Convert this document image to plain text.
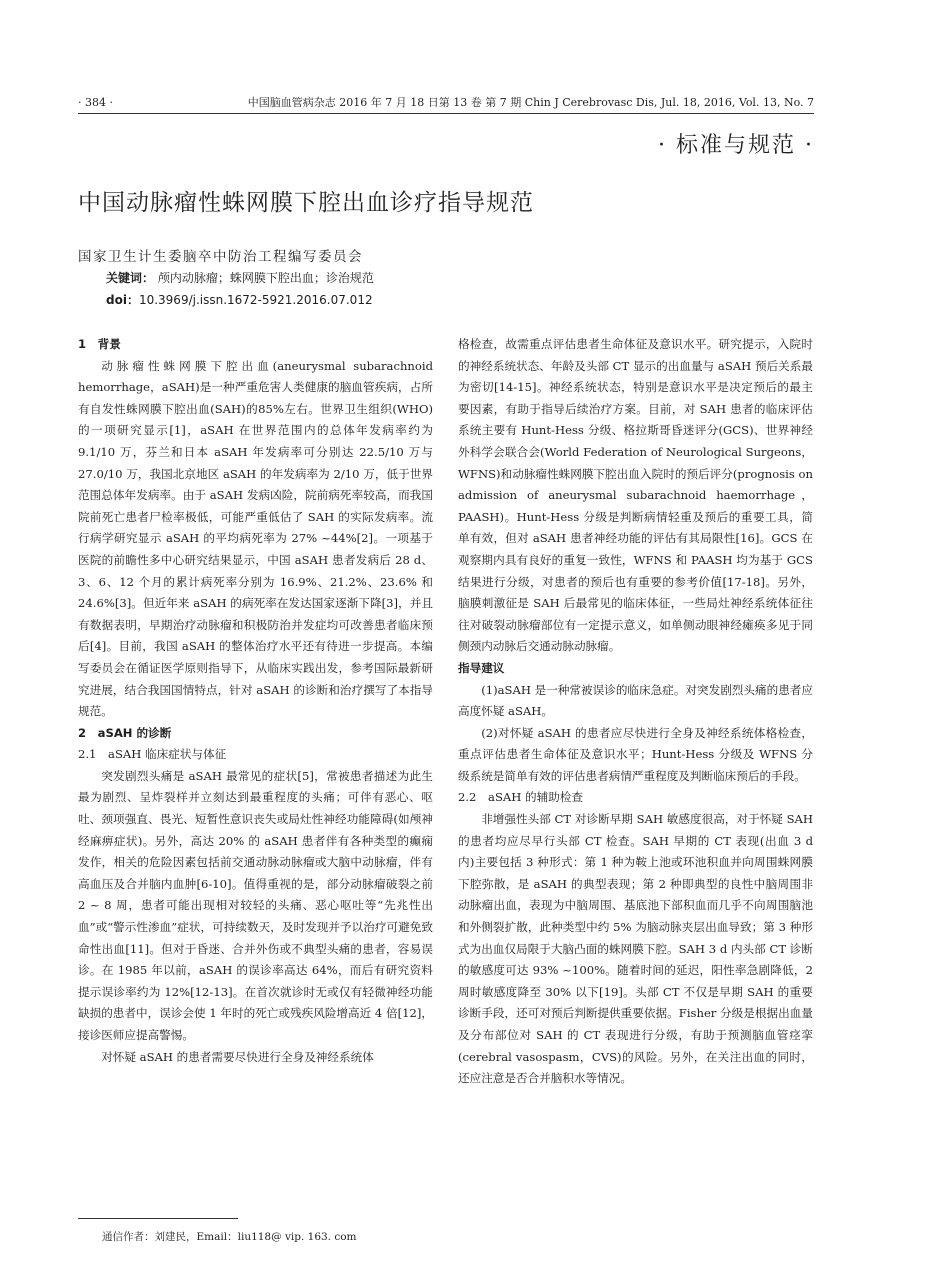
· 384 ·	中国脑血管病杂志 2016 年 7 月 18 日第 13 卷 第 7 期 Chin J Cerebrovasc Dis, Jul. 18, 2016, Vol. 13, No. 7
· 标准与规范 ·
中国动脉瘤性蛛网膜下腔出血诊疗指导规范
国家卫生计生委脑卒中防治工程编写委员会
关键词： 颅内动脉瘤；蛛网膜下腔出血；诊治规范
doi：10.3969/j.issn.1672-5921.2016.07.012
1　背景

动脉瘤性蛛网膜下腔出血(aneurysmal subarachnoid hemorrhage，aSAH)是一种严重危害人类健康的脑血管疾病，占所有自发性蛛网膜下腔出血(SAH)的85%左右。世界卫生组织(WHO)的一项研究显示[1]，aSAH 在世界范围内的总体年发病率约为 9.1/10 万，芬兰和日本 aSAH 年发病率可分别达 22.5/10 万与 27.0/10 万，我国北京地区 aSAH 的年发病率为 2/10 万，低于世界范围总体年发病率。由于 aSAH 发病凶险，院前病死率较高，而我国院前死亡患者尸检率极低，可能严重低估了 SAH 的实际发病率。流行病学研究显示 aSAH 的平均病死率为 27% ~44%[2]。一项基于医院的前瞻性多中心研究结果显示，中国 aSAH 患者发病后 28 d、3、6、12 个月的累计病死率分别为 16.9%、21.2%、23.6% 和 24.6%[3]。但近年来 aSAH 的病死率在发达国家逐渐下降[3]，并且有数据表明，早期治疗动脉瘤和积极防治并发症均可改善患者临床预后[4]。目前，我国 aSAH 的整体治疗水平还有待进一步提高。本编写委员会在循证医学原则指导下，从临床实践出发，参考国际最新研究进展，结合我国国情特点，针对 aSAH 的诊断和治疗撰写了本指导规范。

2　aSAH 的诊断
2.1　aSAH 临床症状与体征

突发剧烈头痛是 aSAH 最常见的症状[5]，常被患者描述为此生最为剧烈、呈炸裂样并立刻达到最重程度的头痛；可伴有恶心、呕吐、颈项强直、畏光、短暂性意识丧失或局灶性神经功能障碍(如颅神经麻痹症状)。另外，高达 20% 的 aSAH 患者伴有各种类型的癫痫发作，相关的危险因素包括前交通动脉动脉瘤或大脑中动脉瘤，伴有高血压及合并脑内血肿[6-10]。值得重视的是，部分动脉瘤破裂之前 2 ~ 8 周，患者可能出现相对较轻的头痛、恶心呕吐等“先兆性出血”或“警示性渗血”症状，可持续数天，及时发现并予以治疗可避免致命性出血[11]。但对于昏迷、合并外伤或不典型头痛的患者，容易误诊。在 1985 年以前，aSAH 的误诊率高达 64%，而后有研究资料提示误诊率约为 12%[12-13]。在首次就诊时无或仅有轻微神经功能缺损的患者中，误诊会使 1 年时的死亡或残疾风险增高近 4 倍[12]，接诊医师应提高警惕。

对怀疑 aSAH 的患者需要尽快进行全身及神经系统体

格检查，故需重点评估患者生命体征及意识水平。研究提示，入院时的神经系统状态、年龄及头部 CT 显示的出血量与 aSAH 预后关系最为密切[14-15]。神经系统状态，特别是意识水平是决定预后的最主要因素，有助于指导后续治疗方案。目前，对 SAH 患者的临床评估系统主要有 Hunt-Hess 分级、格拉斯哥昏迷评分(GCS)、世界神经外科学会联合会(World Federation of Neurological Surgeons，WFNS)和动脉瘤性蛛网膜下腔出血入院时的预后评分(prognosis on admission of aneurysmal subarachnoid haemorrhage，PAASH)。Hunt-Hess 分级是判断病情轻重及预后的重要工具，简单有效，但对 aSAH 患者神经功能的评估有其局限性[16]。GCS 在观察期内具有良好的重复一致性，WFNS 和 PAASH 均为基于 GCS 结果进行分级，对患者的预后也有重要的参考价值[17-18]。另外，脑膜刺激征是 SAH 后最常见的临床体征，一些局灶神经系统体征往往对破裂动脉瘤部位有一定提示意义，如单侧动眼神经瘫痪多见于同侧颈内动脉后交通动脉动脉瘤。

指导建议

(1)aSAH 是一种常被误诊的临床急症。对突发剧烈头痛的患者应高度怀疑 aSAH。

(2)对怀疑 aSAH 的患者应尽快进行全身及神经系统体格检查，重点评估患者生命体征及意识水平；Hunt-Hess 分级及 WFNS 分级系统是简单有效的评估患者病情严重程度及判断临床预后的手段。

2.2　aSAH 的辅助检查

非增强性头部 CT 对诊断早期 SAH 敏感度很高，对于怀疑 SAH 的患者均应尽早行头部 CT 检查。SAH 早期的 CT 表现(出血 3 d 内)主要包括 3 种形式：第 1 种为鞍上池或环池积血并向周围蛛网膜下腔弥散，是 aSAH 的典型表现；第 2 种即典型的良性中脑周围非动脉瘤出血，表现为中脑周围、基底池下部积血而几乎不向周围脑池和外侧裂扩散，此种类型中约 5% 为脑动脉夹层出血导致；第 3 种形式为出血仅局限于大脑凸面的蛛网膜下腔。SAH 3 d 内头部 CT 诊断的敏感度可达 93% ~100%。随着时间的延迟，阳性率急剧降低，2 周时敏感度降至 30% 以下[19]。头部 CT 不仅是早期 SAH 的重要诊断手段，还可对预后判断提供重要依据。Fisher 分级是根据出血量及分布部位对 SAH 的 CT 表现进行分级，有助于预测脑血管痉挛(cerebral vasospasm，CVS)的风险。另外，在关注出血的同时，还应注意是否合并脑积水等情况。

通信作者：刘建民，Email：liu118@ vip. 163. com
